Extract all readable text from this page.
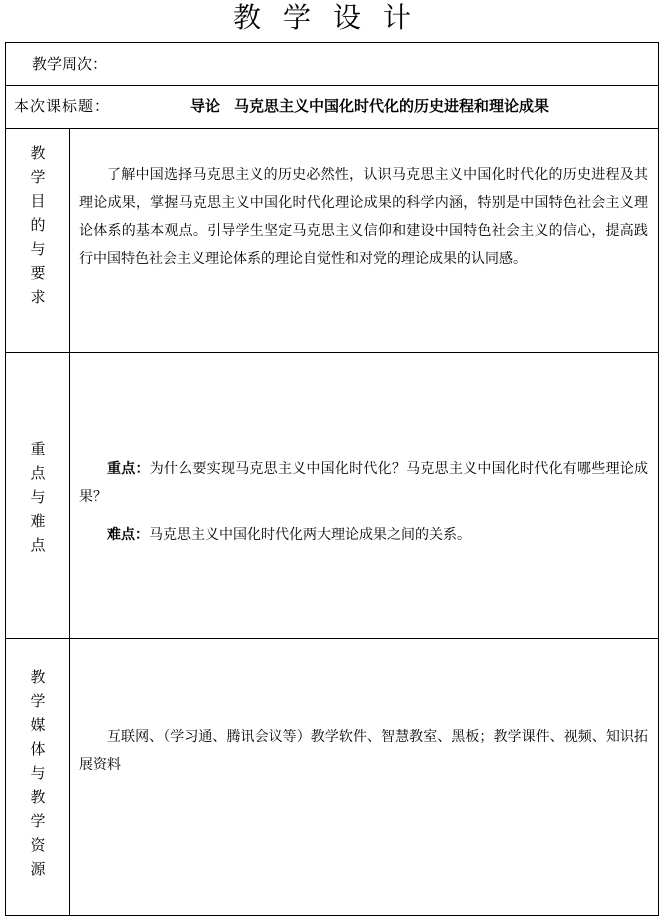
教学设计
教学周次：
本次课标题：	导论 马克思主义中国化时代化的历史进程和理论成果
教
学
目
的
与
要
求

了解中国选择马克思主义的历史必然性，认识马克思主义中国化时代化的历史进程及其理论成果，掌握马克思主义中国化时代化理论成果的科学内涵，特别是中国特色社会主义理论体系的基本观点。引导学生坚定马克思主义信仰和建设中国特色社会主义的信心，提高践行中国特色社会主义理论体系的理论自觉性和对党的理论成果的认同感。

重
点
与
难
点

重点：为什么要实现马克思主义中国化时代化？马克思主义中国化时代化有哪些理论成果？

难点：马克思主义中国化时代化两大理论成果之间的关系。

教
学
媒
体
与
教
学
资
源

互联网、（学习通、腾讯会议等）教学软件、智慧教室、黑板；教学课件、视频、知识拓展资料
